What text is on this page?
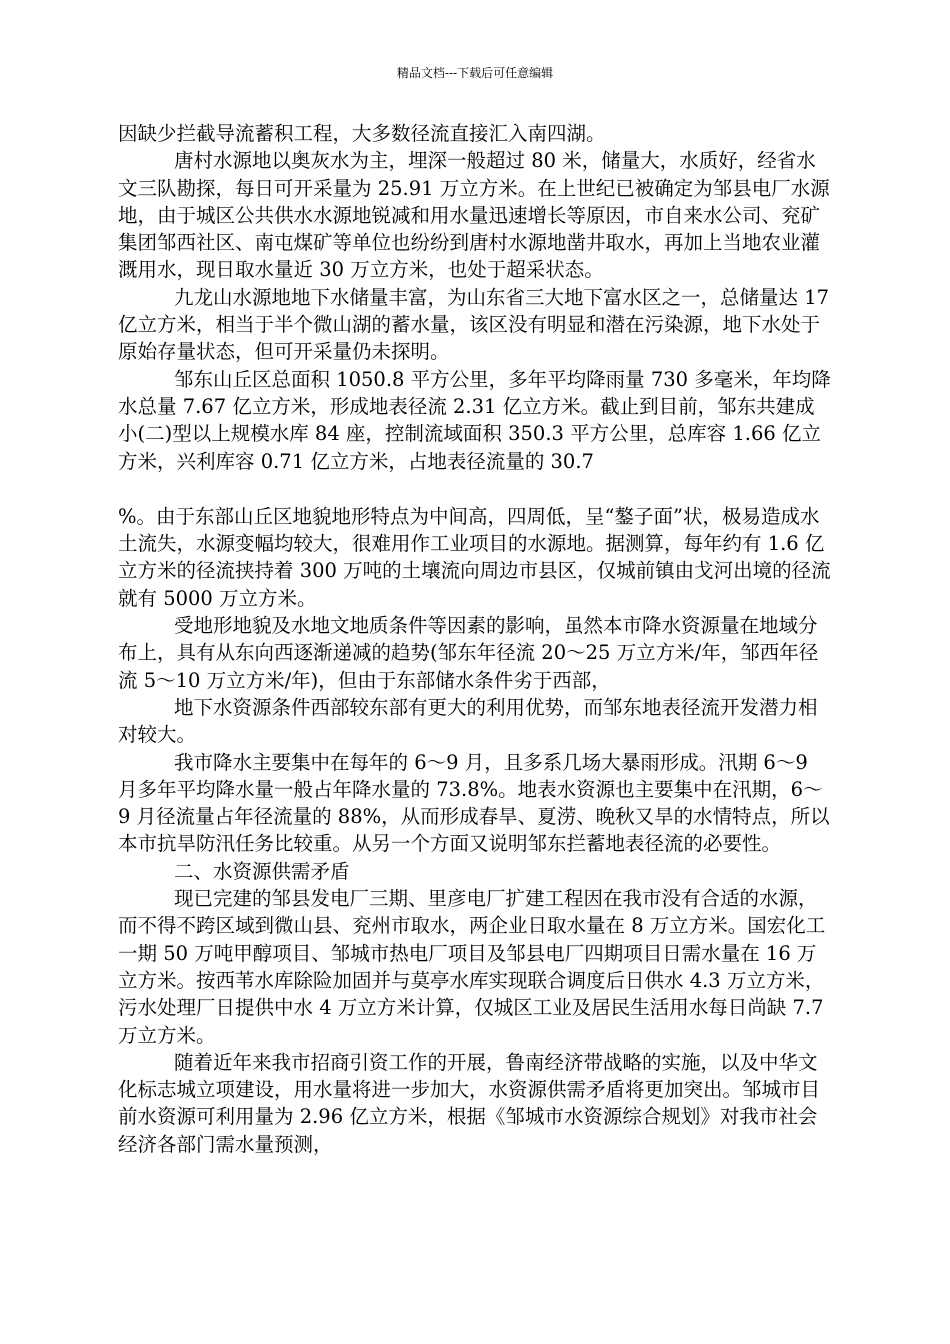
精品文档---下载后可任意编辑

因缺少拦截导流蓄积工程，大多数径流直接汇入南四湖。

唐村水源地以奥灰水为主，埋深一般超过 80 米，储量大，水质好，经省水文三队勘探，每日可开采量为 25.91 万立方米。在上世纪已被确定为邹县电厂水源地，由于城区公共供水水源地锐减和用水量迅速增长等原因，市自来水公司、兖矿集团邹西社区、南屯煤矿等单位也纷纷到唐村水源地凿井取水，再加上当地农业灌溉用水，现日取水量近 30 万立方米，也处于超采状态。

九龙山水源地地下水储量丰富，为山东省三大地下富水区之一，总储量达 17 亿立方米，相当于半个微山湖的蓄水量，该区没有明显和潜在污染源，地下水处于原始存量状态，但可开采量仍未探明。

邹东山丘区总面积 1050.8 平方公里，多年平均降雨量 730 多毫米，年均降水总量 7.67 亿立方米，形成地表径流 2.31 亿立方米。截止到目前，邹东共建成小(二)型以上规模水库 84 座，控制流域面积 350.3 平方公里，总库容 1.66 亿立方米，兴利库容 0.71 亿立方米，占地表径流量的 30.7

%。由于东部山丘区地貌地形特点为中间高，四周低，呈“鏊子面”状，极易造成水土流失，水源变幅均较大，很难用作工业项目的水源地。据测算，每年约有 1.6 亿立方米的径流挟持着 300 万吨的土壤流向周边市县区，仅城前镇由戈河出境的径流就有 5000 万立方米。

受地形地貌及水地文地质条件等因素的影响，虽然本市降水资源量在地域分布上，具有从东向西逐渐递减的趋势(邹东年径流 20～25 万立方米/年，邹西年径流 5～10 万立方米/年)，但由于东部储水条件劣于西部，

地下水资源条件西部较东部有更大的利用优势，而邹东地表径流开发潜力相对较大。

我市降水主要集中在每年的 6～9 月，且多系几场大暴雨形成。汛期 6～9 月多年平均降水量一般占年降水量的 73.8%。地表水资源也主要集中在汛期，6～9 月径流量占年径流量的 88%，从而形成春旱、夏涝、晚秋又旱的水情特点，所以本市抗旱防汛任务比较重。从另一个方面又说明邹东拦蓄地表径流的必要性。

二、水资源供需矛盾

现已完建的邹县发电厂三期、里彦电厂扩建工程因在我市没有合适的水源，而不得不跨区域到微山县、兖州市取水，两企业日取水量在 8 万立方米。国宏化工一期 50 万吨甲醇项目、邹城市热电厂项目及邹县电厂四期项目日需水量在 16 万立方米。按西苇水库除险加固并与莫亭水库实现联合调度后日供水 4.3 万立方米，污水处理厂日提供中水 4 万立方米计算，仅城区工业及居民生活用水每日尚缺 7.7 万立方米。

随着近年来我市招商引资工作的开展，鲁南经济带战略的实施，以及中华文化标志城立项建设，用水量将进一步加大，水资源供需矛盾将更加突出。邹城市目前水资源可利用量为 2.96 亿立方米，根据《邹城市水资源综合规划》对我市社会经济各部门需水量预测，
